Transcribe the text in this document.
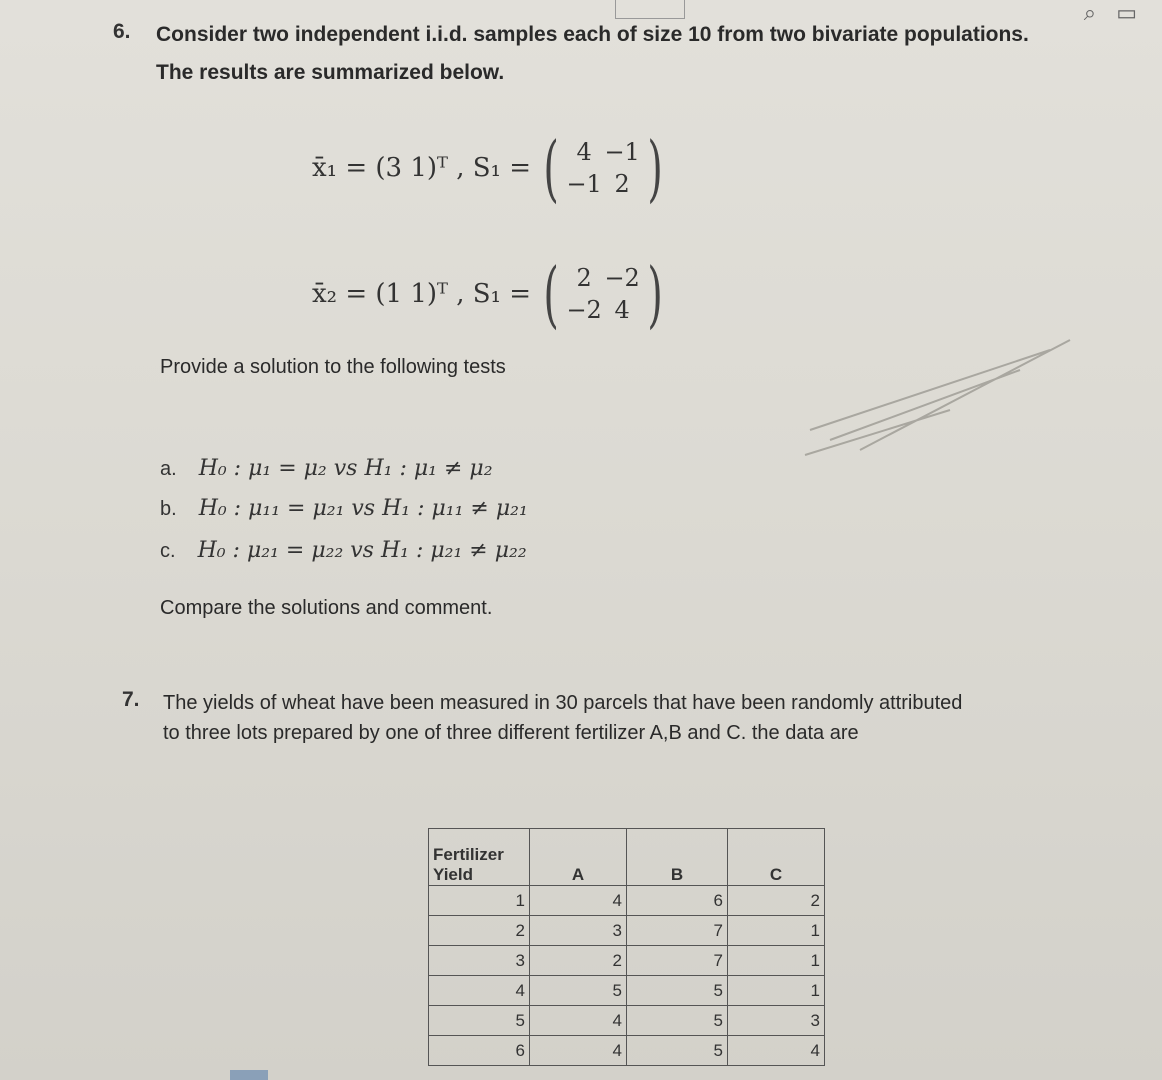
⌕ ▭
6. Consider two independent i.i.d. samples each of size 10 from two bivariate populations.
The results are summarized below.
x̄₁ = (3 1)ᵀ , S₁ = ( 4 −1
−1 2 )
x̄₂ = (1 1)ᵀ , S₁ = ( 2 −2
−2 4 )
Provide a solution to the following tests
a. H₀ : μ₁ = μ₂ vs H₁ : μ₁ ≠ μ₂
b. H₀ : μ₁₁ = μ₂₁ vs H₁ : μ₁₁ ≠ μ₂₁
c. H₀ : μ₂₁ = μ₂₂ vs H₁ : μ₂₁ ≠ μ₂₂
Compare the solutions and comment.
7. The yields of wheat have been measured in 30 parcels that have been randomly attributed
to three lots prepared by one of three different fertilizer A,B and C. the data are
Fertilizer
Yield	A	B	C
1	4	6	2
2	3	7	1
3	2	7	1
4	5	5	1
5	4	5	3
6	4	5	4
